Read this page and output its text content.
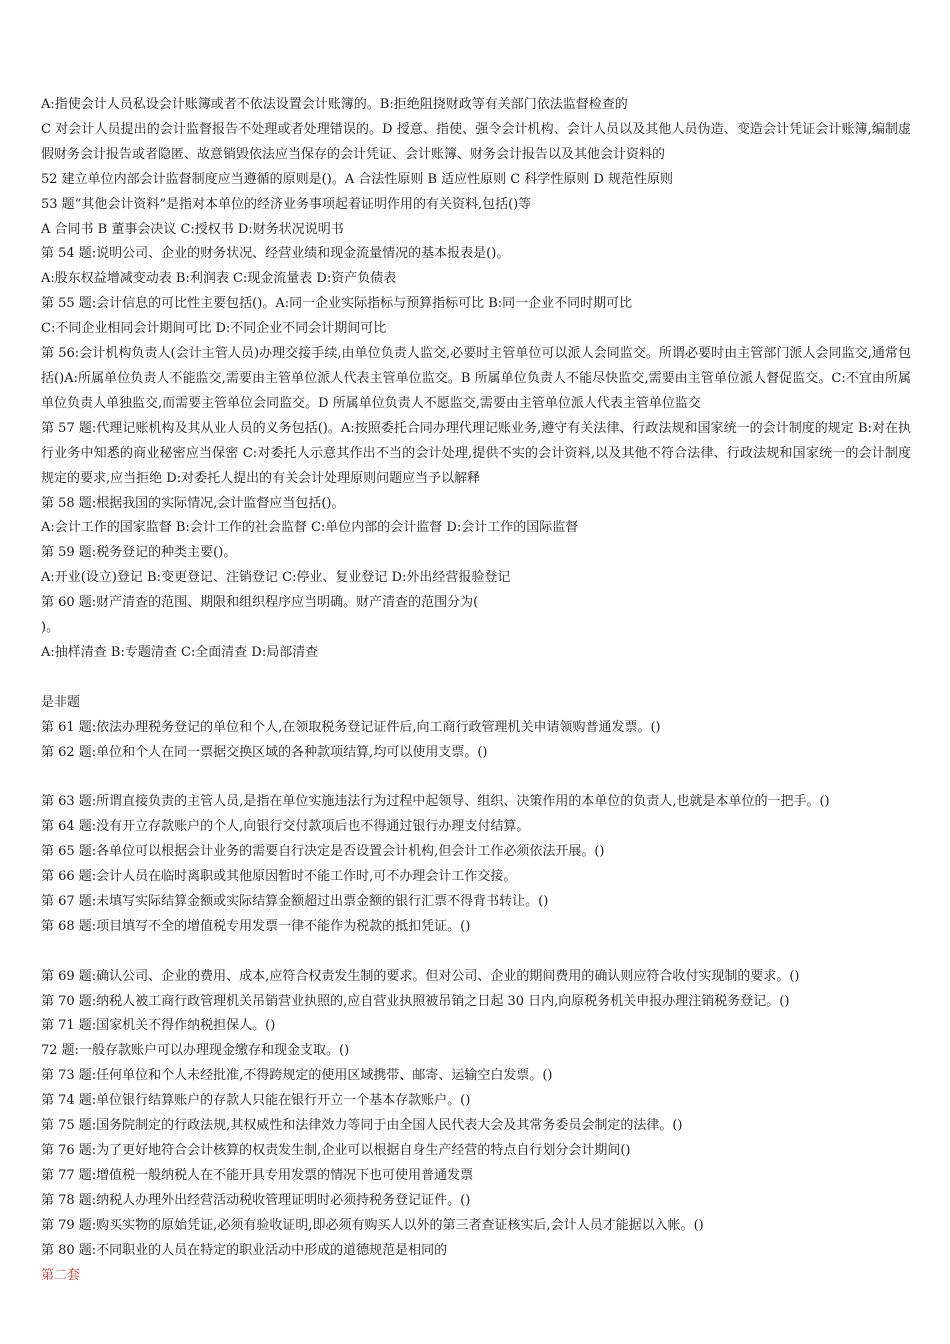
A:指使会计人员私设会计账簿或者不依法设置会计账簿的。B:拒绝阻挠财政等有关部门依法监督检查的
C 对会计人员提出的会计监督报告不处理或者处理错误的。D 授意、指使、强令会计机构、会计人员以及其他人员伪造、变造会计凭证会计账簿,编制虚假财务会计报告或者隐匿、故意销毁依法应当保存的会计凭证、会计账簿、财务会计报告以及其他会计资料的
52 建立单位内部会计监督制度应当遵循的原则是()。A 合法性原则 B 适应性原则 C 科学性原则 D 规范性原则
53 题“其他会计资料”是指对本单位的经济业务事项起着证明作用的有关资料,包括()等
A 合同书 B 董事会决议 C:授权书 D:财务状况说明书
第 54 题:说明公司、企业的财务状况、经营业绩和现金流量情况的基本报表是()。
A:股东权益增减变动表 B:利润表 C:现金流量表 D:资产负债表
第 55 题:会计信息的可比性主要包括()。A:同一企业实际指标与预算指标可比 B:同一企业不同时期可比
C:不同企业相同会计期间可比 D:不同企业不同会计期间可比
第 56:会计机构负责人(会计主管人员)办理交接手续,由单位负责人监交,必要时主管单位可以派人会同监交。所谓必要时由主管部门派人会同监交,通常包括()A:所属单位负责人不能监交,需要由主管单位派人代表主管单位监交。B 所属单位负责人不能尽快监交,需要由主管单位派人督促监交。C:不宜由所属单位负责人单独监交,而需要主管单位会同监交。D 所属单位负责人不愿监交,需要由主管单位派人代表主管单位监交
第 57 题:代理记账机构及其从业人员的义务包括()。A:按照委托合同办理代理记账业务,遵守有关法律、行政法规和国家统一的会计制度的规定 B:对在执行业务中知悉的商业秘密应当保密 C:对委托人示意其作出不当的会计处理,提供不实的会计资料,以及其他不符合法律、行政法规和国家统一的会计制度规定的要求,应当拒绝 D:对委托人提出的有关会计处理原则问题应当予以解释
第 58 题:根据我国的实际情况,会计监督应当包括()。
A:会计工作的国家监督 B:会计工作的社会监督 C:单位内部的会计监督 D:会计工作的国际监督
第 59 题:税务登记的种类主要()。
A:开业(设立)登记 B:变更登记、注销登记 C:停业、复业登记 D:外出经营报验登记
第 60 题:财产清查的范围、期限和组织程序应当明确。财产清查的范围分为(
)。
A:抽样清查 B:专题清查 C:全面清查 D:局部清查
是非题
第 61 题:依法办理税务登记的单位和个人,在领取税务登记证件后,向工商行政管理机关申请领购普通发票。()
第 62 题:单位和个人在同一票据交换区域的各种款项结算,均可以使用支票。()
第 63 题:所谓直接负责的主管人员,是指在单位实施违法行为过程中起领导、组织、决策作用的本单位的负责人,也就是本单位的一把手。()
第 64 题:没有开立存款账户的个人,向银行交付款项后也不得通过银行办理支付结算。
第 65 题:各单位可以根据会计业务的需要自行决定是否设置会计机构,但会计工作必须依法开展。()
第 66 题:会计人员在临时离职或其他原因暂时不能工作时,可不办理会计工作交接。
第 67 题:未填写实际结算金额或实际结算金额超过出票金额的银行汇票不得背书转让。()
第 68 题:项目填写不全的增值税专用发票一律不能作为税款的抵扣凭证。()
第 69 题:确认公司、企业的费用、成本,应符合权责发生制的要求。但对公司、企业的期间费用的确认则应符合收付实现制的要求。()
第 70 题:纳税人被工商行政管理机关吊销营业执照的,应自营业执照被吊销之日起 30 日内,向原税务机关申报办理注销税务登记。()
第 71 题:国家机关不得作纳税担保人。()
72 题:一般存款账户可以办理现金缴存和现金支取。()
第 73 题:任何单位和个人未经批准,不得跨规定的使用区域携带、邮寄、运输空白发票。()
第 74 题:单位银行结算账户的存款人只能在银行开立一个基本存款账户。()
第 75 题:国务院制定的行政法规,其权威性和法律效力等同于由全国人民代表大会及其常务委员会制定的法律。()
第 76 题:为了更好地符合会计核算的权责发生制,企业可以根据自身生产经营的特点自行划分会计期间()
第 77 题:增值税一般纳税人在不能开具专用发票的情况下也可使用普通发票
第 78 题:纳税人办理外出经营活动税收管理证明时必须持税务登记证件。()
第 79 题:购买实物的原始凭证,必须有验收证明,即必须有购买人以外的第三者查证核实后,会计人员才能据以入帐。()
第 80 题:不同职业的人员在特定的职业活动中形成的道德规范是相同的
第二套
